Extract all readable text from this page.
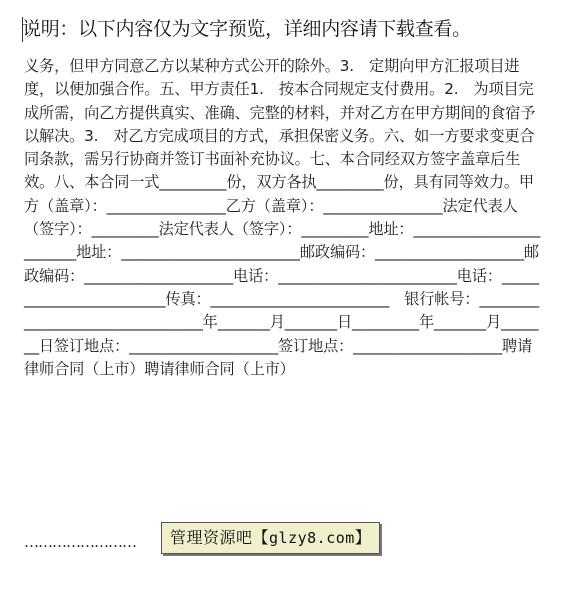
说明：以下内容仅为文字预览，详细内容请下载查看。
义务，但甲方同意乙方以某种方式公开的除外。3.　定期向甲方汇报项目进度，以便加强合作。五、甲方责任1.　按本合同规定支付费用。2.　为项目完成所需，向乙方提供真实、准确、完整的材料，并对乙方在甲方期间的食宿予以解决。3.　对乙方完成项目的方式，承担保密义务。六、如一方要求变更合同条款，需另行协商并签订书面补充协议。七、本合同经双方签字盖章后生效。八、本合同一式_________份，双方各执_________份，具有同等效力。甲方（盖章）：________________乙方（盖章）：________________法定代表人（签字）：_________法定代表人（签字）：_________地址：________________________地址：________________________邮政编码：____________________邮政编码：____________________电话：________________________电话：________________________传真：________________________　银行帐号：________________________________年_______月_______日_________年_______月_______日签订地点：____________________签订地点：____________________聘请律师合同（上市）聘请律师合同（上市）
……………………	管理资源吧【glzy8.com】
